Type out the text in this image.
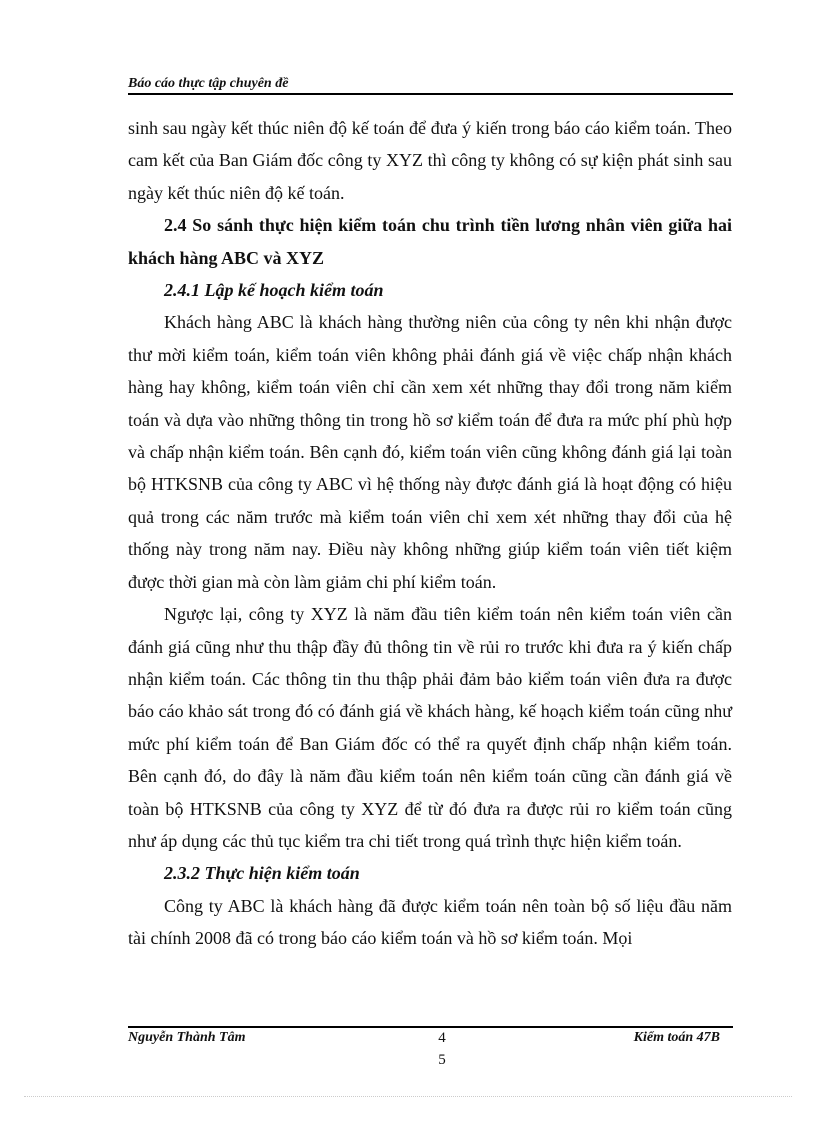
Báo cáo thực tập chuyên đề

sinh sau ngày kết thúc niên độ kế toán để đưa ý kiến trong báo cáo kiểm toán. Theo cam kết của Ban Giám đốc công ty XYZ thì công ty không có sự kiện phát sinh sau ngày kết thúc niên độ kế toán.

2.4 So sánh thực hiện kiểm toán chu trình tiền lương nhân viên giữa hai khách hàng ABC và XYZ

2.4.1 Lập kế hoạch kiểm toán

Khách hàng ABC là khách hàng thường niên của công ty nên khi nhận được thư mời kiểm toán, kiểm toán viên không phải đánh giá về việc chấp nhận khách hàng hay không, kiểm toán viên chỉ cần xem xét những thay đổi trong năm kiểm toán và dựa vào những thông tin trong hồ sơ kiểm toán để đưa ra mức phí phù hợp và chấp nhận kiểm toán. Bên cạnh đó, kiểm toán viên cũng không đánh giá lại toàn bộ HTKSNB của công ty ABC vì hệ thống này được đánh giá là hoạt động có hiệu quả trong các năm trước mà kiểm toán viên chỉ xem xét những thay đổi của hệ thống này trong năm nay. Điều này không những giúp kiểm toán viên tiết kiệm được thời gian mà còn làm giảm chi phí kiểm toán.

Ngược lại, công ty XYZ là năm đầu tiên kiểm toán nên kiểm toán viên cần đánh giá cũng như thu thập đầy đủ thông tin về rủi ro trước khi đưa ra ý kiến chấp nhận kiểm toán. Các thông tin thu thập phải đảm bảo kiểm toán viên đưa ra được báo cáo khảo sát trong đó có đánh giá về khách hàng, kế hoạch kiểm toán cũng như mức phí kiểm toán để Ban Giám đốc có thể ra quyết định chấp nhận kiểm toán. Bên cạnh đó, do đây là năm đầu kiểm toán nên kiểm toán cũng cần đánh giá về toàn bộ HTKSNB của công ty XYZ để từ đó đưa ra được rủi ro kiểm toán cũng như áp dụng các thủ tục kiểm tra chi tiết trong quá trình thực hiện kiểm toán.

2.3.2 Thực hiện kiểm toán

Công ty ABC là khách hàng đã được kiểm toán nên toàn bộ số liệu đầu năm tài chính 2008 đã có trong báo cáo kiểm toán và hồ sơ kiểm toán. Mọi

Nguyễn Thành Tâm	4
5
Kiểm toán 47B
